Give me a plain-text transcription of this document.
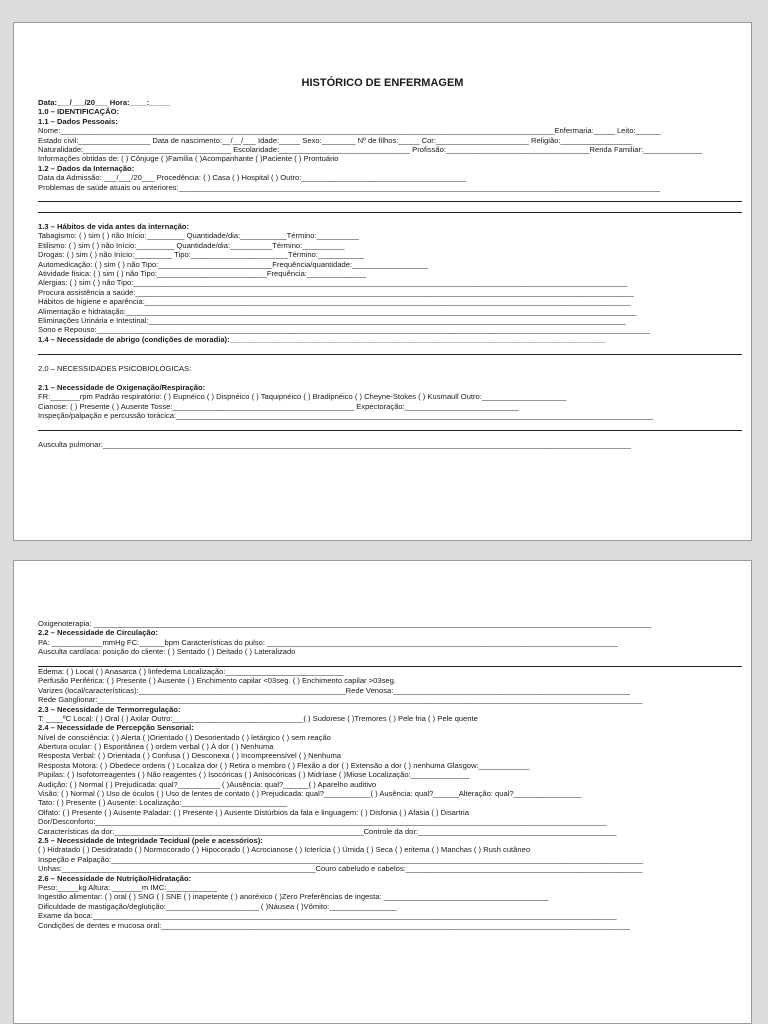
HISTÓRICO DE ENFERMAGEM
Data:___/___/20___ Hora:____:_____
1.0 – IDENTIFICAÇÃO:
1.1 – Dados Pessoais:
Nome:_____________________________________________________________________________________________________________________Enfermaria:_____ Leito:______
Estado civil:_________________ Data de nascimento:__/__/___ Idade:_____ Sexo:________ Nº de filhos:_____ Cor:______________________ Religião:_________________
Naturalidade:___________________________________ Escolaridade:_______________________________ Profissão:__________________________________Renda Familiar:______________
Informações obtidas de: ( ) Cônjuge ( )Família ( )Acompanhante ( )Paciente ( ) Prontuário
1.2 – Dados da Internação:
Data da Admissão: ___/___/20___ Procedência: ( ) Casa ( ) Hospital ( ) Outro:_______________________________________
Problemas de saúde atuais ou anteriores:__________________________________________________________________________________________________________________
1.3 – Hábitos de vida antes da internação:
Tabagismo: ( ) sim ( ) não Início:_________ Quantidade/dia:___________Término:__________
Etilismo: ( ) sim ( ) não Início:_________ Quantidade/dia:__________Término:__________
Drogas: ( ) sim ( ) não Início:_________ Tipo:_______________________Término:___________
Automedicação: ( ) sim ( ) não Tipo:___________________________Frequência/quantidade:__________________
Atividade física: ( ) sim ( ) não Tipo:__________________________Frequência:______________
Alergias: ( ) sim ( ) não Tipo:_____________________________________________________________________________________________________________________
Procura assistência a saúde:______________________________________________________________________________________________________________________
Hábitos de higiene e aparência:___________________________________________________________________________________________________________________
Alimentação e hidratação:_________________________________________________________________________________________________________________________
Eliminações Urinária e Intestinal:_________________________________________________________________________________________________________________
Sono e Repouso:___________________________________________________________________________________________________________________________________
1.4 – Necessidade de abrigo (condições de moradia):_________________________________________________________________________________________
2.0 – NECESSIDADES PSICOBIOLÓGICAS:
2.1 – Necessidade de Oxigenação/Respiração:
FR:_______rpm Padrão respiratório: ( ) Eupnéico ( ) Dispnéico ( ) Taquipnéico ( ) Bradipnéico ( ) Cheyne-Stokes ( ) Kusmaull Outro:____________________
Cianose: ( ) Presente ( ) Ausente Tosse:___________________________________________ Expectoração:___________________________
Inspeção/palpação e percussão torácica:_________________________________________________________________________________________________________________
Ausculta pulmonar:_____________________________________________________________________________________________________________________________
Oxigenoterapia: ____________________________________________________________________________________________________________________________________
2.2 – Necessidade de Circulação:
PA: ____________mmHg FC:______bpm Características do pulso: ___________________________________________________________________________________
Ausculta cardíaca: posição do cliente: ( ) Sentado ( ) Deitado ( ) Lateralizado
Edema: ( ) Local ( ) Anasarca ( ) linfedema Localização:____________________________
Perfusão Periférica: ( ) Presente ( ) Ausente ( ) Enchimento capilar ˂03seg. ( ) Enchimento capilar ˃03seg.
Varizes (local/características):_________________________________________________Rede Venosa:________________________________________________________
Rede Ganglionar:_________________________________________________________________________________________________________________________________
2.3 – Necessidade de Termorregulação:
T: ____ºC Local: ( ) Oral ( ) Axilar Outro:_______________________________( ) Sudorese ( )Tremores ( ) Pele fria ( ) Pele quente
2.4 – Necessidade de Percepção Sensorial:
Nível de consciência: ( ) Alerta ( )Orientado ( ) Desorientado ( ) letárgico ( ) sem reação
Abertura ocular: ( ) Espontânea ( ) ordem verbal ( ) À dor ( ) Nenhuma
Resposta Verbal: ( ) Orientada ( ) Confusa ( ) Desconexa ( ) Incompreensível ( ) Nenhuma
Resposta Motora: ( ) Obedece ordens ( ) Localiza dor ( ) Retira o membro ( ) Flexão a dor ( ) Extensão a dor ( ) nenhuma Glasgow:____________
Pupilas: ( ) Isofotorreagentes ( ) Não reagentes ( ) Isocóricas ( ) Anisocóricas ( ) Midríase ( )Miose Localização:______________
Audição: ( ) Normal ( ) Prejudicada: qual?__________ ( )Ausência: qual?______( ) Aparelho auditivo
Visão: ( ) Normal ( ) Uso de óculos ( ) Uso de lentes de contato ( ) Prejudicada: qual?___________( ) Ausência: qual?______Alteração: qual?________________
Tato: ( ) Presente ( ) Ausente: Localização:_________________________
Olfato: ( ) Presente ( ) Ausente Paladar: ( ) Presente ( ) Ausente Distúrbios da fala e linguagem: ( ) Disfonia ( ) Afasia ( ) Disartria
Dor/Desconforto:_________________________________________________________________________________________________________________________
Características da dor:___________________________________________________________Controle da dor:_______________________________________________
2.5 – Necessidade de Integridade Tecidual (pele e acessórios):
( ) Hidratado ( ) Desidratado ( ) Normocorado ( ) Hipocorado ( ) Acrocianose ( ) Icterícia ( ) Úmida ( ) Seca ( ) eritema ( ) Manchas ( ) Rush cutâneo
Inspeção e Palpação:______________________________________________________________________________________________________________________________
Unhas:____________________________________________________________Couro cabeludo e cabelos:________________________________________________________
2.6 – Necessidade de Nutrição/Hidratação:
Peso:_____kg Altura: _______m IMC:____________
Ingestão alimentar: ( ) oral ( ) SNG ( ) SNE ( ) inapetente ( ) anoréxico ( )Zero Preferências de ingesta: _______________________________________
Dificuldade de mastigação/deglutição:______________________ ( )Náusea ( )Vômito:________________
Exame da boca:____________________________________________________________________________________________________________________________
Condições de dentes e mucosa oral:_______________________________________________________________________________________________________________
